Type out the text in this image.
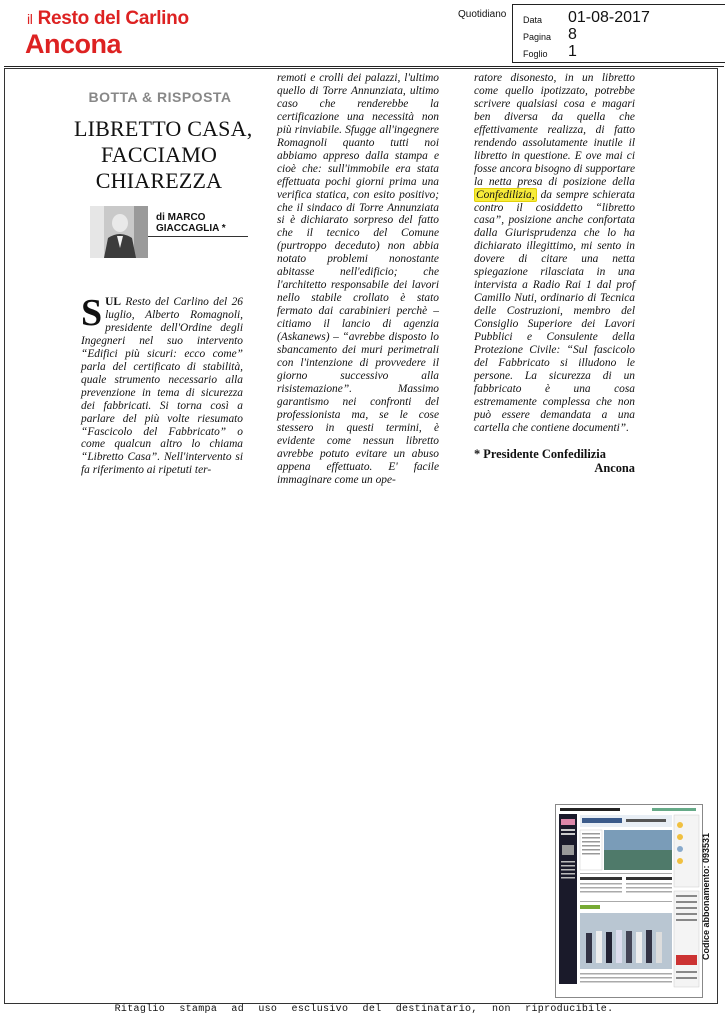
il Resto del Carlino
Ancona
Quotidiano Data 01-08-2017
Pagina 8
Foglio 1
BOTTA & RISPOSTA
LIBRETTO CASA,
FACCIAMO
CHIAREZZA
di MARCO
GIACCAGLIA *
S UL Resto del Carlino del 26 luglio, Alberto Romagnoli, presidente dell'Ordine degli Ingegneri nel suo intervento “Edifici più sicuri: ecco come” parla del certificato di stabilità, quale strumento necessario alla prevenzione in tema di sicurezza dei fabbricati. Si torna così a parlare del più volte riesumato “Fascicolo del Fabbricato” o come qualcun altro lo chiama “Libretto Casa”. Nell'intervento si fa riferimento ai ripetuti ter-

remoti e crolli dei palazzi, l'ultimo quello di Torre Annunziata, ultimo caso che renderebbe la certificazione una necessità non più rinviabile. Sfugge all'ingegnere Romagnoli quanto tutti noi abbiamo appreso dalla stampa e cioè che: sull'immobile era stata effettuata pochi giorni prima una verifica statica, con esito positivo; che il sindaco di Torre Annunziata si è dichiarato sorpreso del fatto che il tecnico del Comune (purtroppo deceduto) non abbia notato problemi nonostante abitasse nell'edificio; che l'architetto responsabile dei lavori nello stabile crollato è stato fermato dai carabinieri perchè – citiamo il lancio di agenzia (Askanews) – “avrebbe disposto lo sbancamento dei muri perimetrali con l'intenzione di provvedere il giorno successivo alla risistemazione”. Massimo garantismo nei confronti del professionista ma, se le cose stessero in questi termini, è evidente come nessun libretto avrebbe potuto evitare un abuso appena effettuato. E' facile immaginare come un ope-

ratore disonesto, in un libretto come quello ipotizzato, potrebbe scrivere qualsiasi cosa e magari ben diversa da quella che effettivamente realizza, di fatto rendendo assolutamente inutile il libretto in questione. E ove mai ci fosse ancora bisogno di supportare la netta presa di posizione della Confedilizia, da sempre schierata contro il cosiddetto “libretto casa”, posizione anche confortata dalla Giurisprudenza che lo ha dichiarato illegittimo, mi sento in dovere di citare una netta spiegazione rilasciata in una intervista a Radio Rai 1 dal prof Camillo Nuti, ordinario di Tecnica delle Costruzioni, membro del Consiglio Superiore dei Lavori Pubblici e Consulente della Protezione Civile: “Sul fascicolo del Fabbricato si illudono le persone. La sicurezza di un fabbricato è una cosa estremamente complessa che non può essere demandata a una cartella che contiene documenti”.

* Presidente Confedilizia
Ancona
Codice abbonamento: 093531
Ritaglio stampa ad uso esclusivo del destinatario, non riproducibile.
